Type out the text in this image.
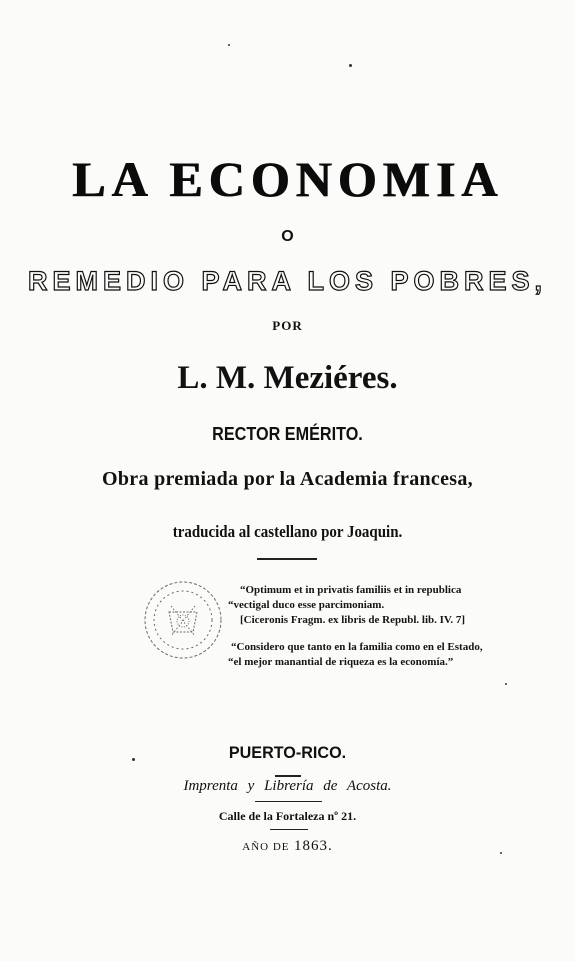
LA ECONOMIA
O
REMEDIO PARA LOS POBRES,
POR
L. M. Meziéres.
RECTOR EMÉRITO.
Obra premiada por la Academia francesa,
traducida al castellano por Joaquin.
“Optimum et in privatis familiis et in republica
“vectigal duco esse parcimoniam.
[Ciceronis Fragm. ex libris de Republ. lib. IV. 7]
“Considero que tanto en la familia como en el Estado,
“el mejor manantial de riqueza es la economía.”
PUERTO-RICO.
Imprenta y Librería de Acosta.
Calle de la Fortaleza nº 21.
AÑO DE 1863.
